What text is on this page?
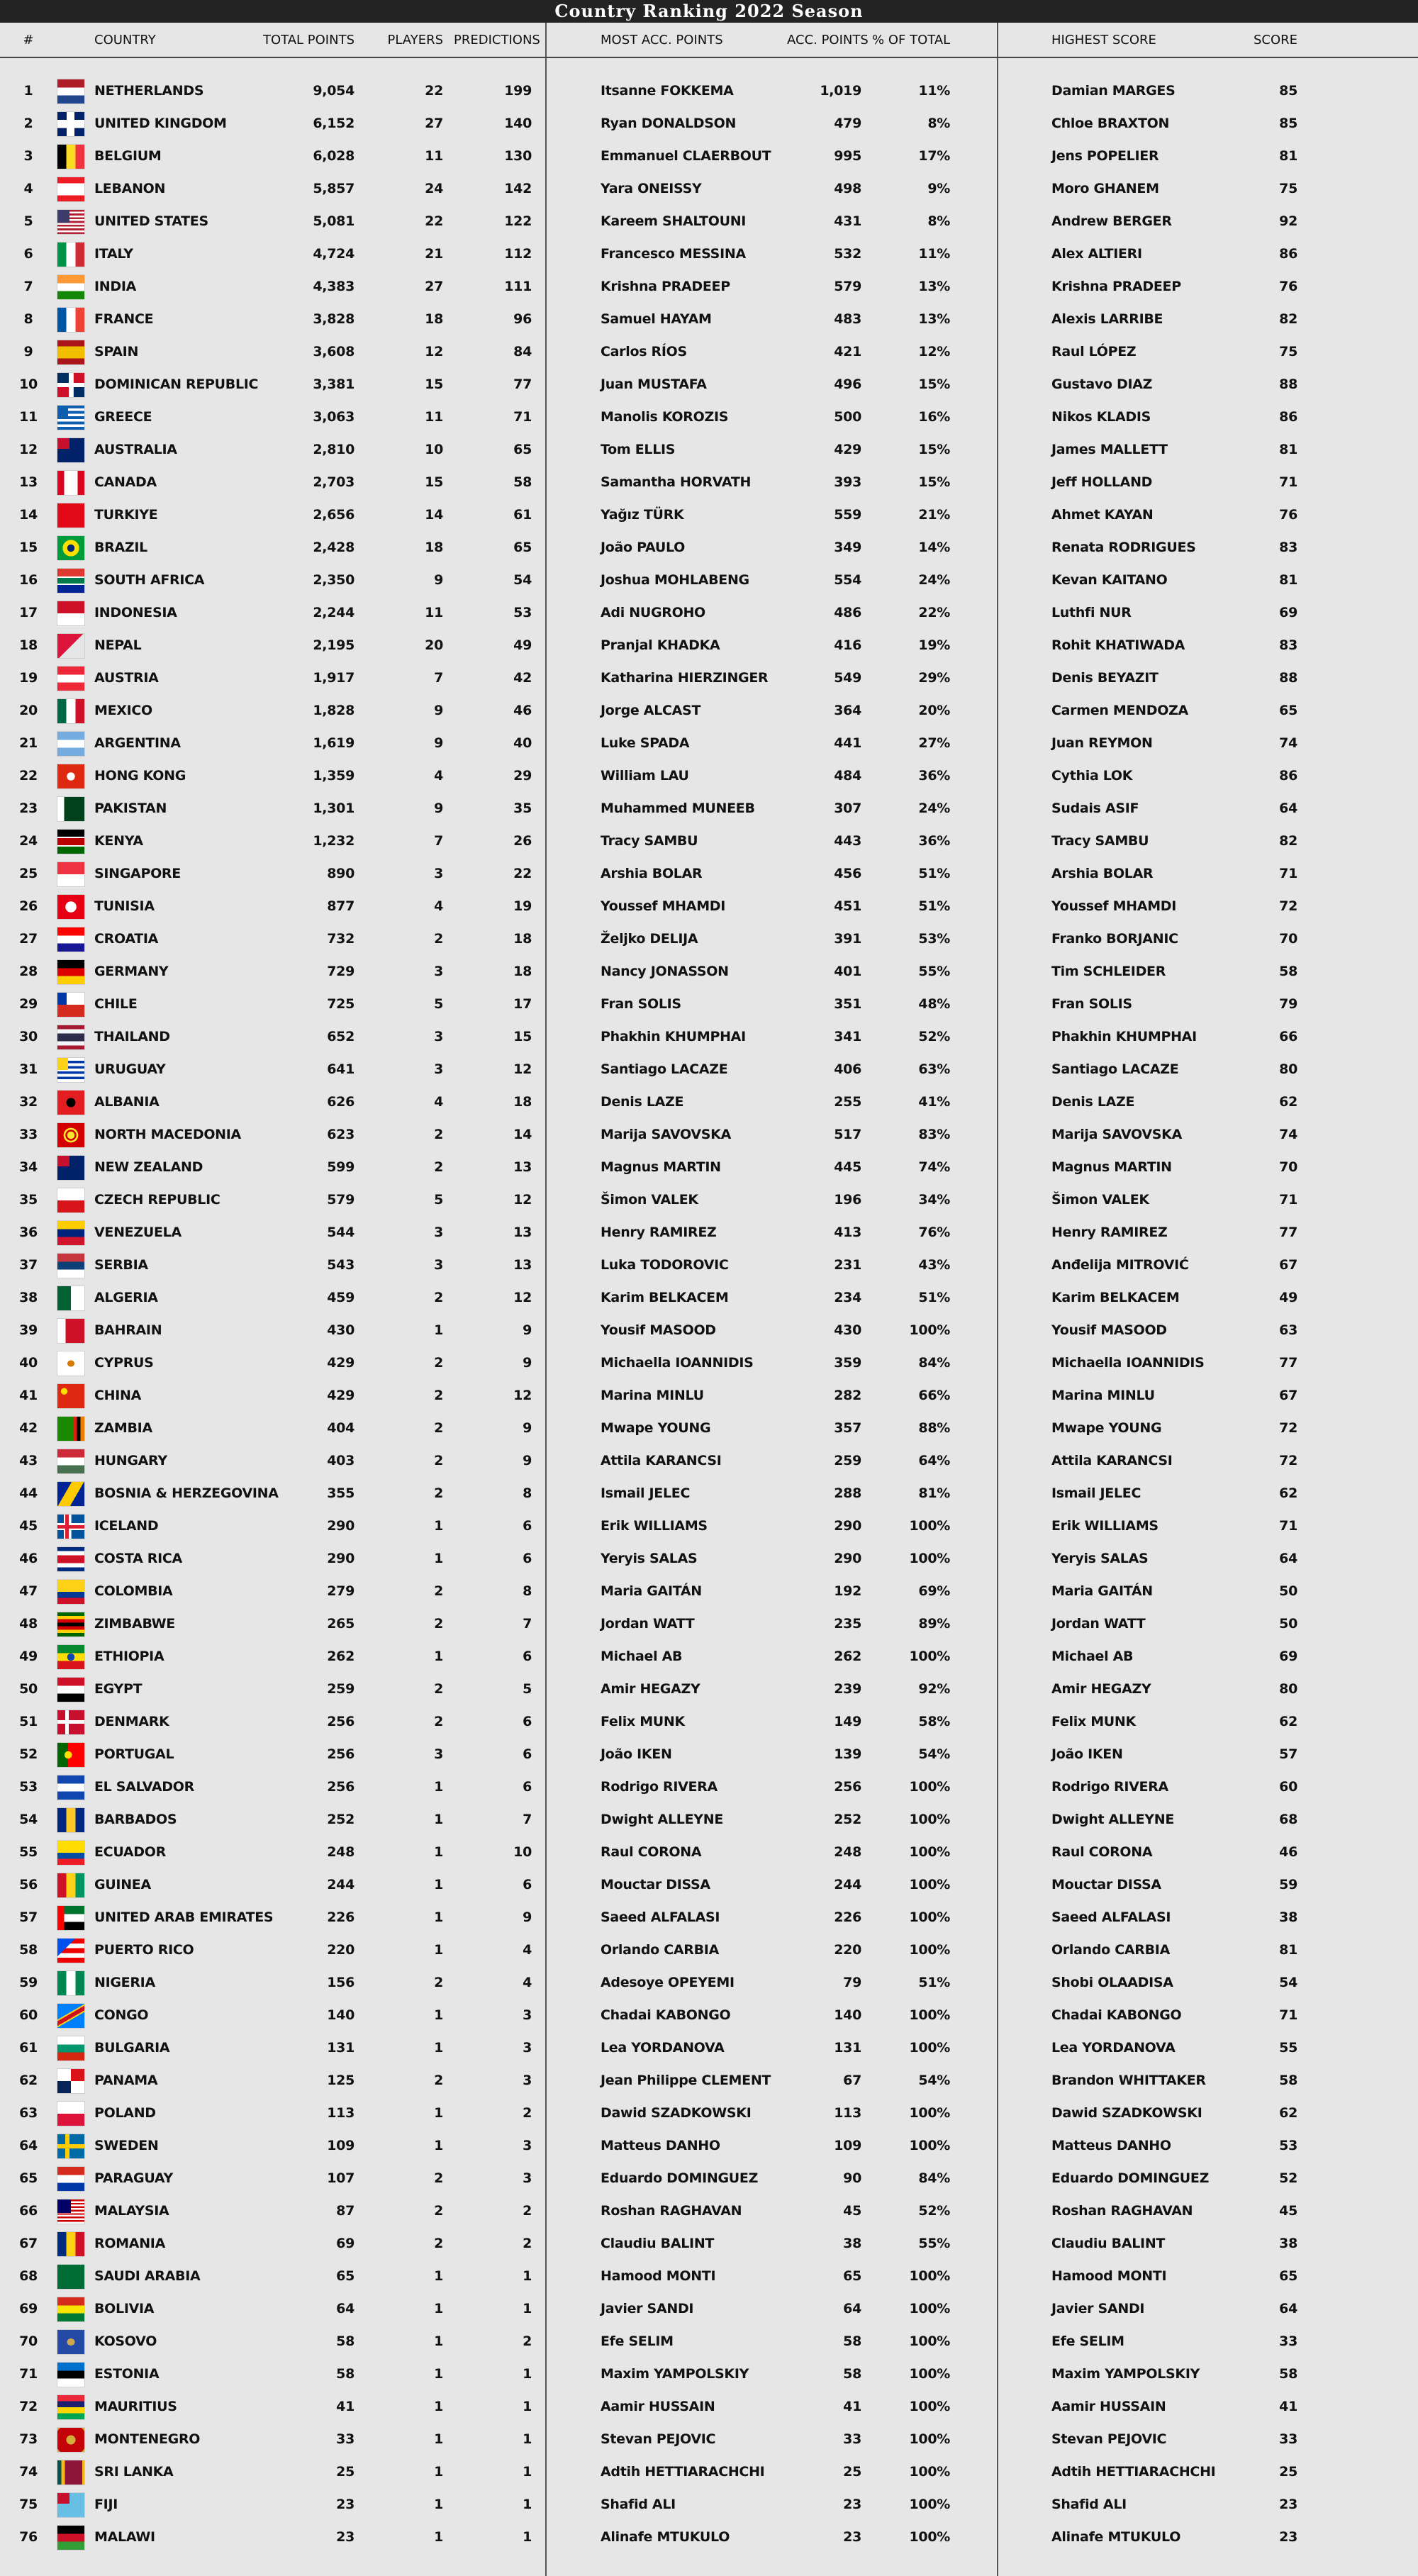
Country Ranking 2022 Season
#	COUNTRY	TOTAL POINTS	PLAYERS PREDICTIONS	MOST ACC. POINTS	ACC. POINTS % OF TOTAL	HIGHEST SCORE	SCORE
1	NETHERLANDS	9,054	22	199	Itsanne FOKKEMA	1,019	11%	Damian MARGES	85
2	UNITED KINGDOM	6,152	27	140	Ryan DONALDSON	479	8%	Chloe BRAXTON	85
3	BELGIUM	6,028	11	130	Emmanuel CLAERBOUT	995	17%	Jens POPELIER	81
4	LEBANON	5,857	24	142	Yara ONEISSY	498	9%	Moro GHANEM	75
5	UNITED STATES	5,081	22	122	Kareem SHALTOUNI	431	8%	Andrew BERGER	92
6	ITALY	4,724	21	112	Francesco MESSINA	532	11%	Alex ALTIERI	86
7	INDIA	4,383	27	111	Krishna PRADEEP	579	13%	Krishna PRADEEP	76
8	FRANCE	3,828	18	96	Samuel HAYAM	483	13%	Alexis LARRIBE	82
9	SPAIN	3,608	12	84	Carlos RÍOS	421	12%	Raul LÓPEZ	75
10	DOMINICAN REPUBLIC	3,381	15	77	Juan MUSTAFA	496	15%	Gustavo DIAZ	88
11	GREECE	3,063	11	71	Manolis KOROZIS	500	16%	Nikos KLADIS	86
12	AUSTRALIA	2,810	10	65	Tom ELLIS	429	15%	James MALLETT	81
13	CANADA	2,703	15	58	Samantha HORVATH	393	15%	Jeff HOLLAND	71
14	TURKIYE	2,656	14	61	Yağız TÜRK	559	21%	Ahmet KAYAN	76
15	BRAZIL	2,428	18	65	João PAULO	349	14%	Renata RODRIGUES	83
16	SOUTH AFRICA	2,350	9	54	Joshua MOHLABENG	554	24%	Kevan KAITANO	81
17	INDONESIA	2,244	11	53	Adi NUGROHO	486	22%	Luthfi NUR	69
18	NEPAL	2,195	20	49	Pranjal KHADKA	416	19%	Rohit KHATIWADA	83
19	AUSTRIA	1,917	7	42	Katharina HIERZINGER	549	29%	Denis BEYAZIT	88
20	MEXICO	1,828	9	46	Jorge ALCAST	364	20%	Carmen MENDOZA	65
21	ARGENTINA	1,619	9	40	Luke SPADA	441	27%	Juan REYMON	74
22	HONG KONG	1,359	4	29	William LAU	484	36%	Cythia LOK	86
23	PAKISTAN	1,301	9	35	Muhammed MUNEEB	307	24%	Sudais ASIF	64
24	KENYA	1,232	7	26	Tracy SAMBU	443	36%	Tracy SAMBU	82
25	SINGAPORE	890	3	22	Arshia BOLAR	456	51%	Arshia BOLAR	71
26	TUNISIA	877	4	19	Youssef MHAMDI	451	51%	Youssef MHAMDI	72
27	CROATIA	732	2	18	Željko DELIJA	391	53%	Franko BORJANIC	70
28	GERMANY	729	3	18	Nancy JONASSON	401	55%	Tim SCHLEIDER	58
29	CHILE	725	5	17	Fran SOLIS	351	48%	Fran SOLIS	79
30	THAILAND	652	3	15	Phakhin KHUMPHAI	341	52%	Phakhin KHUMPHAI	66
31	URUGUAY	641	3	12	Santiago LACAZE	406	63%	Santiago LACAZE	80
32	ALBANIA	626	4	18	Denis LAZE	255	41%	Denis LAZE	62
33	NORTH MACEDONIA	623	2	14	Marija SAVOVSKA	517	83%	Marija SAVOVSKA	74
34	NEW ZEALAND	599	2	13	Magnus MARTIN	445	74%	Magnus MARTIN	70
35	CZECH REPUBLIC	579	5	12	Šimon VALEK	196	34%	Šimon VALEK	71
36	VENEZUELA	544	3	13	Henry RAMIREZ	413	76%	Henry RAMIREZ	77
37	SERBIA	543	3	13	Luka TODOROVIC	231	43%	Anđelija MITROVIĆ	67
38	ALGERIA	459	2	12	Karim BELKACEM	234	51%	Karim BELKACEM	49
39	BAHRAIN	430	1	9	Yousif MASOOD	430	100%	Yousif MASOOD	63
40	CYPRUS	429	2	9	Michaella IOANNIDIS	359	84%	Michaella IOANNIDIS	77
41	CHINA	429	2	12	Marina MINLU	282	66%	Marina MINLU	67
42	ZAMBIA	404	2	9	Mwape YOUNG	357	88%	Mwape YOUNG	72
43	HUNGARY	403	2	9	Attila KARANCSI	259	64%	Attila KARANCSI	72
44	BOSNIA & HERZEGOVINA	355	2	8	Ismail JELEC	288	81%	Ismail JELEC	62
45	ICELAND	290	1	6	Erik WILLIAMS	290	100%	Erik WILLIAMS	71
46	COSTA RICA	290	1	6	Yeryis SALAS	290	100%	Yeryis SALAS	64
47	COLOMBIA	279	2	8	Maria GAITÁN	192	69%	Maria GAITÁN	50
48	ZIMBABWE	265	2	7	Jordan WATT	235	89%	Jordan WATT	50
49	ETHIOPIA	262	1	6	Michael AB	262	100%	Michael AB	69
50	EGYPT	259	2	5	Amir HEGAZY	239	92%	Amir HEGAZY	80
51	DENMARK	256	2	6	Felix MUNK	149	58%	Felix MUNK	62
52	PORTUGAL	256	3	6	João IKEN	139	54%	João IKEN	57
53	EL SALVADOR	256	1	6	Rodrigo RIVERA	256	100%	Rodrigo RIVERA	60
54	BARBADOS	252	1	7	Dwight ALLEYNE	252	100%	Dwight ALLEYNE	68
55	ECUADOR	248	1	10	Raul CORONA	248	100%	Raul CORONA	46
56	GUINEA	244	1	6	Mouctar DISSA	244	100%	Mouctar DISSA	59
57	UNITED ARAB EMIRATES	226	1	9	Saeed ALFALASI	226	100%	Saeed ALFALASI	38
58	PUERTO RICO	220	1	4	Orlando CARBIA	220	100%	Orlando CARBIA	81
59	NIGERIA	156	2	4	Adesoye OPEYEMI	79	51%	Shobi OLAADISA	54
60	CONGO	140	1	3	Chadai KABONGO	140	100%	Chadai KABONGO	71
61	BULGARIA	131	1	3	Lea YORDANOVA	131	100%	Lea YORDANOVA	55
62	PANAMA	125	2	3	Jean Philippe CLEMENT	67	54%	Brandon WHITTAKER	58
63	POLAND	113	1	2	Dawid SZADKOWSKI	113	100%	Dawid SZADKOWSKI	62
64	SWEDEN	109	1	3	Matteus DANHO	109	100%	Matteus DANHO	53
65	PARAGUAY	107	2	3	Eduardo DOMINGUEZ	90	84%	Eduardo DOMINGUEZ	52
66	MALAYSIA	87	2	2	Roshan RAGHAVAN	45	52%	Roshan RAGHAVAN	45
67	ROMANIA	69	2	2	Claudiu BALINT	38	55%	Claudiu BALINT	38
68	SAUDI ARABIA	65	1	1	Hamood MONTI	65	100%	Hamood MONTI	65
69	BOLIVIA	64	1	1	Javier SANDI	64	100%	Javier SANDI	64
70	KOSOVO	58	1	2	Efe SELIM	58	100%	Efe SELIM	33
71	ESTONIA	58	1	1	Maxim YAMPOLSKIY	58	100%	Maxim YAMPOLSKIY	58
72	MAURITIUS	41	1	1	Aamir HUSSAIN	41	100%	Aamir HUSSAIN	41
73	MONTENEGRO	33	1	1	Stevan PEJOVIC	33	100%	Stevan PEJOVIC	33
74	SRI LANKA	25	1	1	Adtih HETTIARACHCHI	25	100%	Adtih HETTIARACHCHI	25
75	FIJI	23	1	1	Shafid ALI	23	100%	Shafid ALI	23
76	MALAWI	23	1	1	Alinafe MTUKULO	23	100%	Alinafe MTUKULO	23
